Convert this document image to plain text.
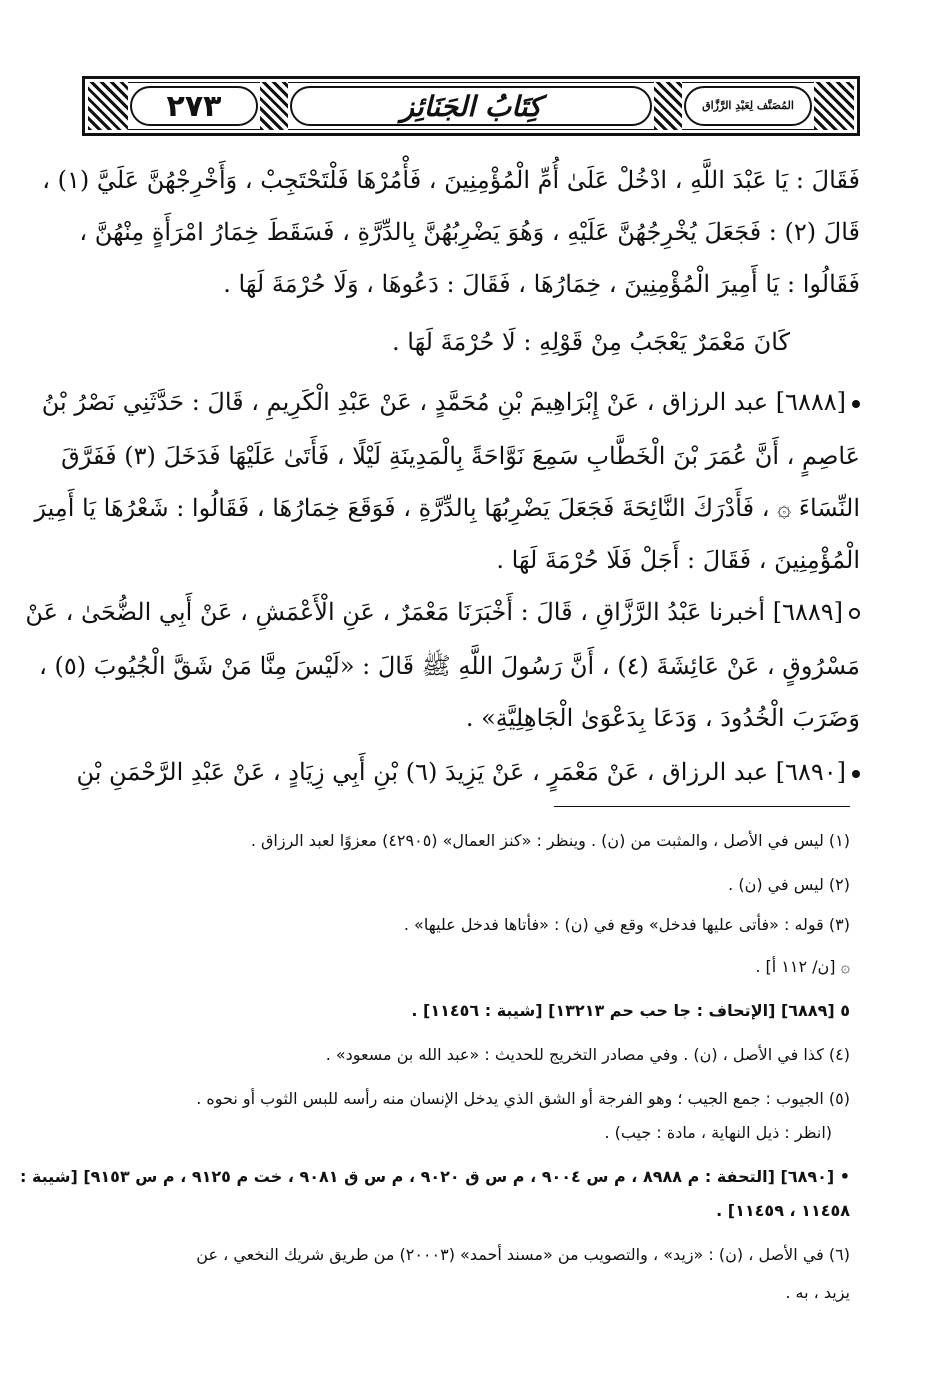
٢٧٣	كِتَابُ الجَنَائِز	المُصَنَّف لِعَبْدِ الرَّزَّاق
فَقَالَ : يَا عَبْدَ اللَّهِ ، ادْخُلْ عَلَىٰ أُمِّ الْمُؤْمِنِينَ ، فَأْمُرْهَا فَلْتَحْتَجِبْ ، وَأَخْرِجْهُنَّ عَلَيَّ (١) ،
قَالَ (٢) : فَجَعَلَ يُخْرِجُهُنَّ عَلَيْهِ ، وَهُوَ يَضْرِبُهُنَّ بِالدِّرَّةِ ، فَسَقَطَ خِمَارُ امْرَأَةٍ مِنْهُنَّ ،
فَقَالُوا : يَا أَمِيرَ الْمُؤْمِنِينَ ، خِمَارُهَا ، فَقَالَ : دَعُوهَا ، وَلَا حُرْمَةَ لَهَا .
كَانَ مَعْمَرٌ يَعْجَبُ مِنْ قَوْلِهِ : لَا حُرْمَةَ لَهَا .
[٦٨٨٨] عبد الرزاق ، عَنْ إِبْرَاهِيمَ بْنِ مُحَمَّدٍ ، عَنْ عَبْدِ الْكَرِيمِ ، قَالَ : حَدَّثَنِي نَصْرُ بْنُ
عَاصِمٍ ، أَنَّ عُمَرَ بْنَ الْخَطَّابِ سَمِعَ نَوَّاحَةً بِالْمَدِينَةِ لَيْلًا ، فَأَتَىٰ عَلَيْهَا فَدَخَلَ (٣) فَفَرَّقَ
النِّسَاءَ ۞ ، فَأَدْرَكَ النَّائِحَةَ فَجَعَلَ يَضْرِبُهَا بِالدِّرَّةِ ، فَوَقَعَ خِمَارُهَا ، فَقَالُوا : شَعْرُهَا يَا أَمِيرَ
الْمُؤْمِنِينَ ، فَقَالَ : أَجَلْ فَلَا حُرْمَةَ لَهَا .
[٦٨٨٩] أخبرنا عَبْدُ الرَّزَّاقِ ، قَالَ : أَخْبَرَنَا مَعْمَرٌ ، عَنِ الْأَعْمَشِ ، عَنْ أَبِي الضُّحَىٰ ، عَنْ
مَسْرُوقٍ ، عَنْ عَائِشَةَ (٤) ، أَنَّ رَسُولَ اللَّهِ ﷺ قَالَ : «لَيْسَ مِنَّا مَنْ شَقَّ الْجُيُوبَ (٥) ،
وَضَرَبَ الْخُدُودَ ، وَدَعَا بِدَعْوَىٰ الْجَاهِلِيَّةِ» .
[٦٨٩٠] عبد الرزاق ، عَنْ مَعْمَرٍ ، عَنْ يَزِيدَ (٦) بْنِ أَبِي زِيَادٍ ، عَنْ عَبْدِ الرَّحْمَنِ بْنِ
(١) ليس في الأصل ، والمثبت من (ن) . وينظر : «كنز العمال» (٤٢٩٠٥) معزوًا لعبد الرزاق .
(٢) ليس في (ن) .
(٣) قوله : «فأتى عليها فدخل» وقع في (ن) : «فأتاها فدخل عليها» .
۞ [ن/ ١١٢ أ] .
٥ [٦٨٨٩] [الإتحاف : جا حب حم ١٣٢١٣] [شيبة : ١١٤٥٦] .
(٤) كذا في الأصل ، (ن) . وفي مصادر التخريج للحديث : «عبد الله بن مسعود» .
(٥) الجيوب : جمع الجيب ؛ وهو الفرجة أو الشق الذي يدخل الإنسان منه رأسه للبس الثوب أو نحوه .
(انظر : ذيل النهاية ، مادة : جيب) .
• [٦٨٩٠] [التحفة : م ٨٩٨٨ ، م س ٩٠٠٤ ، م س ق ٩٠٢٠ ، م س ق ٩٠٨١ ، خت م ٩١٢٥ ، م س ٩١٥٣] [شيبة :
١١٤٥٨ ، ١١٤٥٩] .
(٦) في الأصل ، (ن) : «زيد» ، والتصويب من «مسند أحمد» (٢٠٠٠٣) من طريق شريك النخعي ، عن
يزيد ، به .
